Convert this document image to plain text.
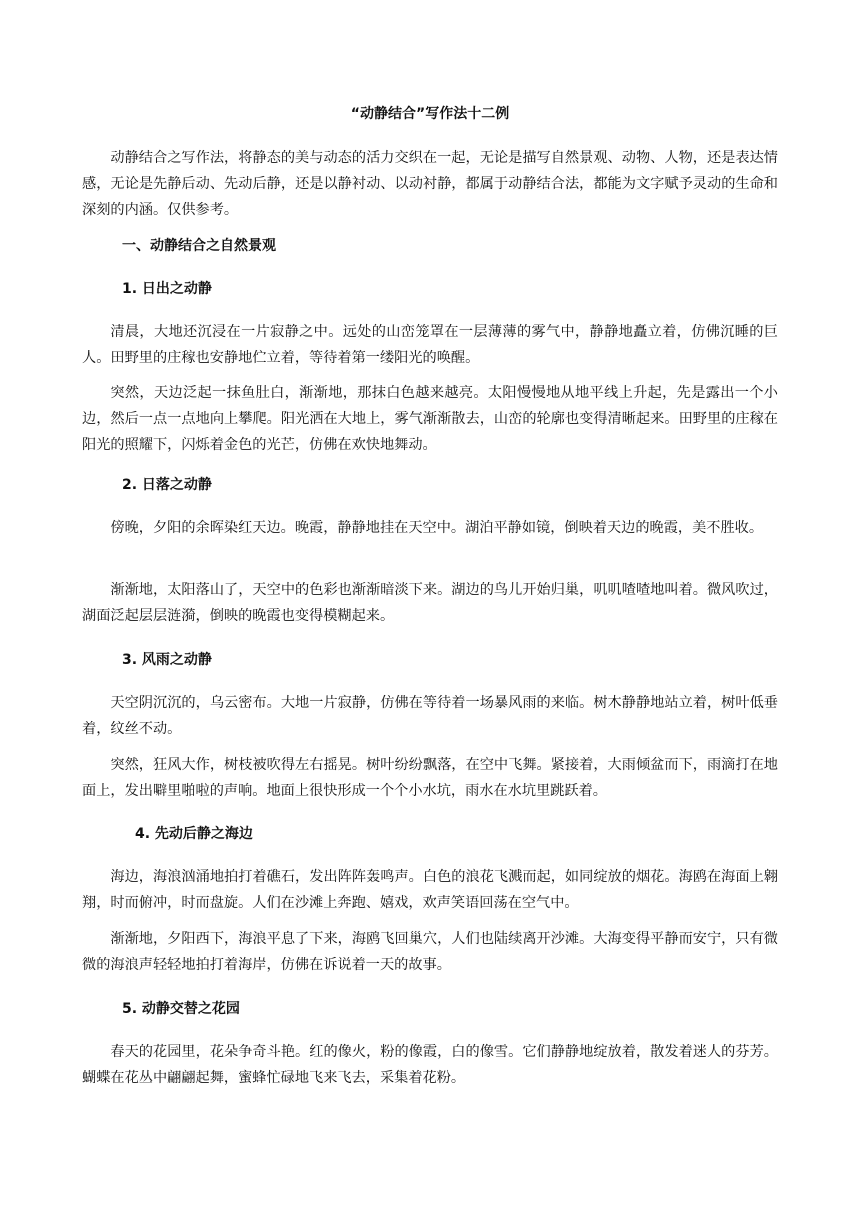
“动静结合”写作法十二例

动静结合之写作法，将静态的美与动态的活力交织在一起，无论是描写自然景观、动物、人物，还是表达情感，无论是先静后动、先动后静，还是以静衬动、以动衬静，都属于动静结合法，都能为文字赋予灵动的生命和深刻的内涵。仅供参考。

一、动静结合之自然景观

1. 日出之动静

清晨，大地还沉浸在一片寂静之中。远处的山峦笼罩在一层薄薄的雾气中，静静地矗立着，仿佛沉睡的巨人。田野里的庄稼也安静地伫立着，等待着第一缕阳光的唤醒。

突然，天边泛起一抹鱼肚白，渐渐地，那抹白色越来越亮。太阳慢慢地从地平线上升起，先是露出一个小边，然后一点一点地向上攀爬。阳光洒在大地上，雾气渐渐散去，山峦的轮廓也变得清晰起来。田野里的庄稼在阳光的照耀下，闪烁着金色的光芒，仿佛在欢快地舞动。

2. 日落之动静

傍晚，夕阳的余晖染红天边。晚霞，静静地挂在天空中。湖泊平静如镜，倒映着天边的晚霞，美不胜收。

渐渐地，太阳落山了，天空中的色彩也渐渐暗淡下来。湖边的鸟儿开始归巢，叽叽喳喳地叫着。微风吹过，湖面泛起层层涟漪，倒映的晚霞也变得模糊起来。

3. 风雨之动静

天空阴沉沉的，乌云密布。大地一片寂静，仿佛在等待着一场暴风雨的来临。树木静静地站立着，树叶低垂着，纹丝不动。

突然，狂风大作，树枝被吹得左右摇晃。树叶纷纷飘落，在空中飞舞。紧接着，大雨倾盆而下，雨滴打在地面上，发出噼里啪啦的声响。地面上很快形成一个个小水坑，雨水在水坑里跳跃着。

4. 先动后静之海边

海边，海浪汹涌地拍打着礁石，发出阵阵轰鸣声。白色的浪花飞溅而起，如同绽放的烟花。海鸥在海面上翱翔，时而俯冲，时而盘旋。人们在沙滩上奔跑、嬉戏，欢声笑语回荡在空气中。

渐渐地，夕阳西下，海浪平息了下来，海鸥飞回巢穴，人们也陆续离开沙滩。大海变得平静而安宁，只有微微的海浪声轻轻地拍打着海岸，仿佛在诉说着一天的故事。

5. 动静交替之花园

春天的花园里，花朵争奇斗艳。红的像火，粉的像霞，白的像雪。它们静静地绽放着，散发着迷人的芬芳。蝴蝶在花丛中翩翩起舞，蜜蜂忙碌地飞来飞去，采集着花粉。
